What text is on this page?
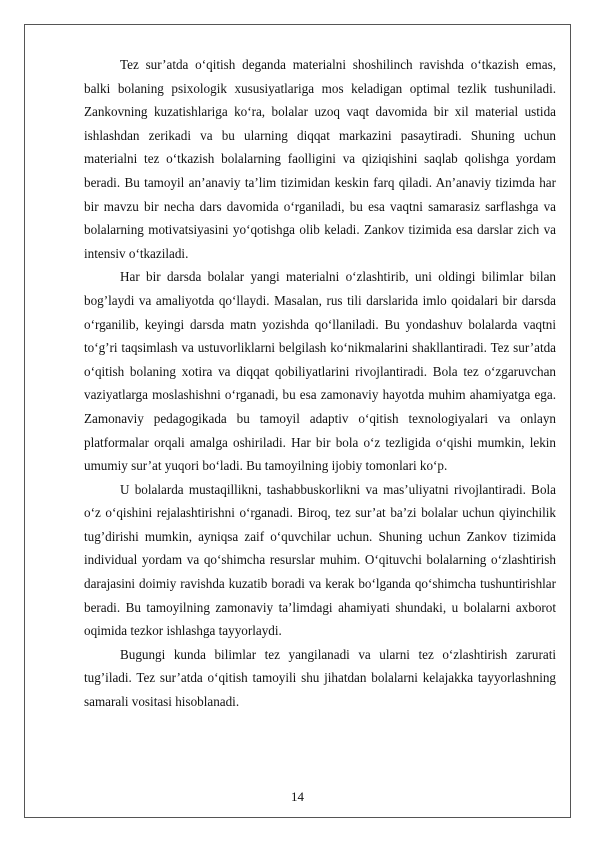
Tez sur’atda o‘qitish deganda materialni shoshilinch ravishda o‘tkazish emas, balki bolaning psixologik xususiyatlariga mos keladigan optimal tezlik tushuniladi. Zankovning kuzatishlariga ko‘ra, bolalar uzoq vaqt davomida bir xil material ustida ishlashdan zerikadi va bu ularning diqqat markazini pasaytiradi. Shuning uchun materialni tez o‘tkazish bolalarning faolligini va qiziqishini saqlab qolishga yordam beradi. Bu tamoyil an’anaviy ta’lim tizimidan keskin farq qiladi. An’anaviy tizimda har bir mavzu bir necha dars davomida o‘rganiladi, bu esa vaqtni samarasiz sarflashga va bolalarning motivatsiyasini yo‘qotishga olib keladi. Zankov tizimida esa darslar zich va intensiv o‘tkaziladi.

Har bir darsda bolalar yangi materialni o‘zlashtirib, uni oldingi bilimlar bilan bog’laydi va amaliyotda qo‘llaydi. Masalan, rus tili darslarida imlo qoidalari bir darsda o‘rganilib, keyingi darsda matn yozishda qo‘llaniladi. Bu yondashuv bolalarda vaqtni to‘g’ri taqsimlash va ustuvorliklarni belgilash ko‘nikmalarini shakllantiradi. Tez sur’atda o‘qitish bolaning xotira va diqqat qobiliyatlarini rivojlantiradi. Bola tez o‘zgaruvchan vaziyatlarga moslashishni o‘rganadi, bu esa zamonaviy hayotda muhim ahamiyatga ega. Zamonaviy pedagogikada bu tamoyil adaptiv o‘qitish texnologiyalari va onlayn platformalar orqali amalga oshiriladi. Har bir bola o‘z tezligida o‘qishi mumkin, lekin umumiy sur’at yuqori bo‘ladi. Bu tamoyilning ijobiy tomonlari ko‘p.

U bolalarda mustaqillikni, tashabbuskorlikni va mas’uliyatni rivojlantiradi. Bola o‘z o‘qishini rejalashtirishni o‘rganadi. Biroq, tez sur’at ba’zi bolalar uchun qiyinchilik tug’dirishi mumkin, ayniqsa zaif o‘quvchilar uchun. Shuning uchun Zankov tizimida individual yordam va qo‘shimcha resurslar muhim. O‘qituvchi bolalarning o‘zlashtirish darajasini doimiy ravishda kuzatib boradi va kerak bo‘lganda qo‘shimcha tushuntirishlar beradi. Bu tamoyilning zamonaviy ta’limdagi ahamiyati shundaki, u bolalarni axborot oqimida tezkor ishlashga tayyorlaydi.

Bugungi kunda bilimlar tez yangilanadi va ularni tez o‘zlashtirish zarurati tug’iladi. Tez sur’atda o‘qitish tamoyili shu jihatdan bolalarni kelajakka tayyorlashning samarali vositasi hisoblanadi.

14
